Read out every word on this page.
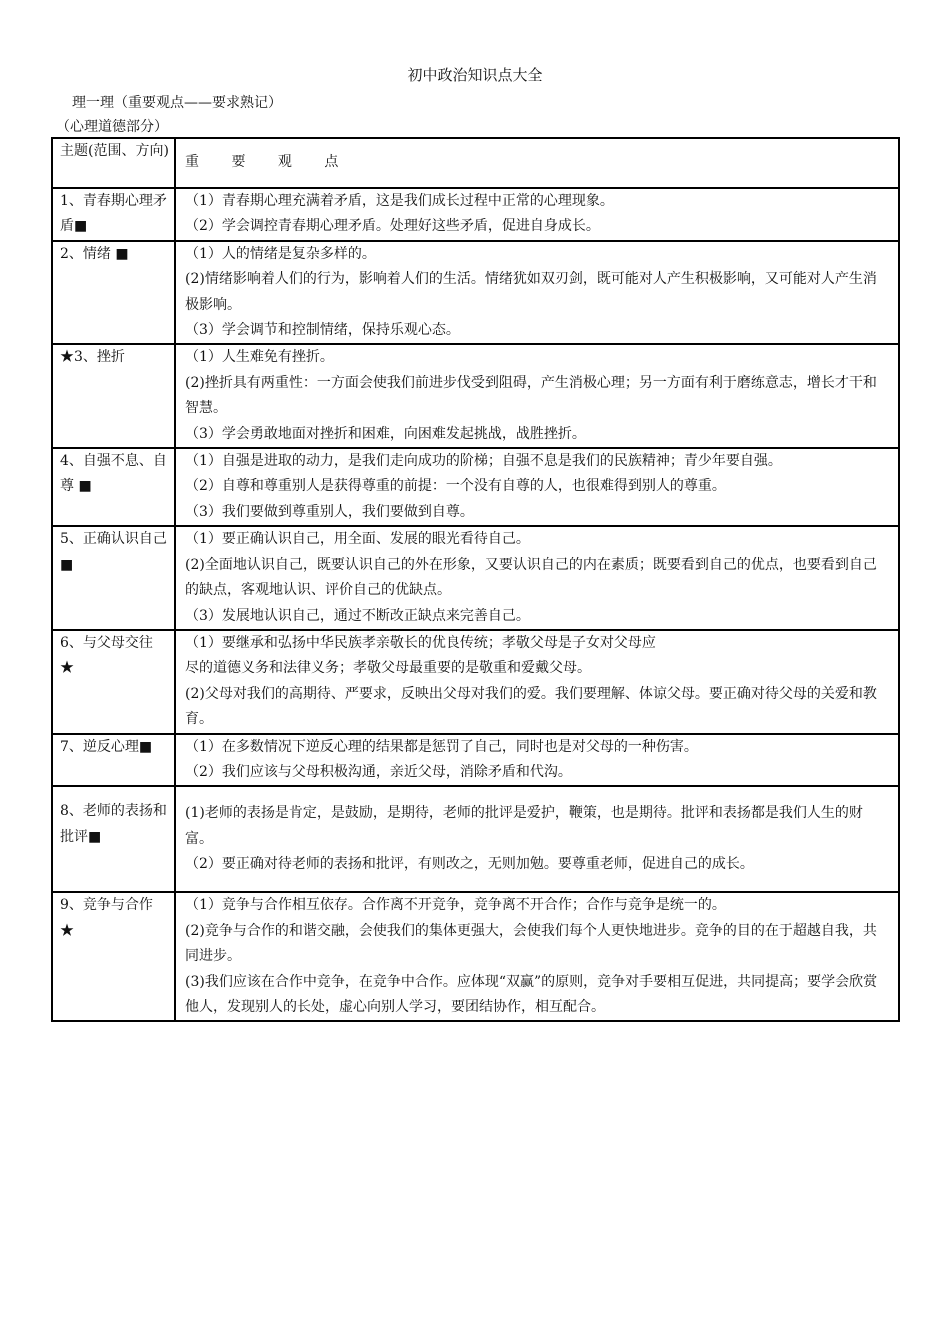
初中政治知识点大全
理一理（重要观点——要求熟记）
（心理道德部分）
主题(范围、方向)	重 要 观 点
1、青春期心理矛盾■	（1）青春期心理充满着矛盾，这是我们成长过程中正常的心理现象。
（2）学会调控青春期心理矛盾。处理好这些矛盾，促进自身成长。

2、情绪 ■	（1）人的情绪是复杂多样的。
(2)情绪影响着人们的行为，影响着人们的生活。情绪犹如双刃剑，既可能对人产生积极影响，又可能对人产生消极影响。
（3）学会调节和控制情绪，保持乐观心态。

★3、挫折	（1）人生难免有挫折。
(2)挫折具有两重性：一方面会使我们前进步伐受到阻碍，产生消极心理；另一方面有利于磨练意志，增长才干和智慧。
（3）学会勇敢地面对挫折和困难，向困难发起挑战，战胜挫折。

4、自强不息、自尊 ■	（1）自强是进取的动力，是我们走向成功的阶梯；自强不息是我们的民族精神；青少年要自强。
（2）自尊和尊重别人是获得尊重的前提：一个没有自尊的人，也很难得到别人的尊重。
（3）我们要做到尊重别人，我们要做到自尊。

5、正确认识自己 ■	（1）要正确认识自己，用全面、发展的眼光看待自己。
(2)全面地认识自己，既要认识自己的外在形象，又要认识自己的内在素质；既要看到自己的优点，也要看到自己的缺点，客观地认识、评价自己的优缺点。
（3）发展地认识自己，通过不断改正缺点来完善自己。

6、与父母交往 ★	（1）要继承和弘扬中华民族孝亲敬长的优良传统；孝敬父母是子女对父母应
尽的道德义务和法律义务；孝敬父母最重要的是敬重和爱戴父母。
(2)父母对我们的高期待、严要求，反映出父母对我们的爱。我们要理解、体谅父母。要正确对待父母的关爱和教育。

7、逆反心理■	（1）在多数情况下逆反心理的结果都是惩罚了自己，同时也是对父母的一种伤害。
（2）我们应该与父母积极沟通，亲近父母，消除矛盾和代沟。

8、老师的表扬和批评■	(1)老师的表扬是肯定，是鼓励，是期待，老师的批评是爱护，鞭策，也是期待。批评和表扬都是我们人生的财富。
（2）要正确对待老师的表扬和批评，有则改之，无则加勉。要尊重老师，促进自己的成长。

9、竞争与合作 ★	（1）竞争与合作相互依存。合作离不开竞争，竞争离不开合作；合作与竞争是统一的。
(2)竞争与合作的和谐交融，会使我们的集体更强大，会使我们每个人更快地进步。竞争的目的在于超越自我，共同进步。
(3)我们应该在合作中竞争，在竞争中合作。应体现“双赢”的原则，竞争对手要相互促进，共同提高；要学会欣赏他人，发现别人的长处，虚心向别人学习，要团结协作，相互配合。
